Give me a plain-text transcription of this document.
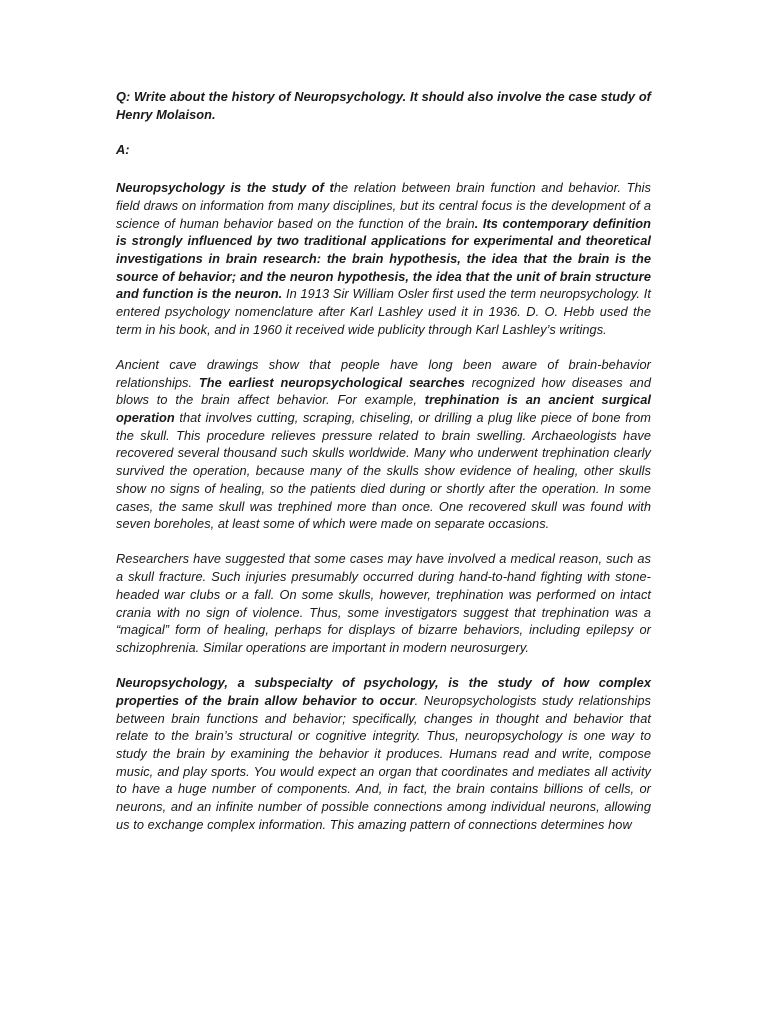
Q: Write about the history of Neuropsychology. It should also involve the case study of Henry Molaison.

A:

Neuropsychology is the study of the relation between brain function and behavior. This field draws on information from many disciplines, but its central focus is the development of a science of human behavior based on the function of the brain. Its contemporary definition is strongly influenced by two traditional applications for experimental and theoretical investigations in brain research: the brain hypothesis, the idea that the brain is the source of behavior; and the neuron hypothesis, the idea that the unit of brain structure and function is the neuron. In 1913 Sir William Osler first used the term neuropsychology. It entered psychology nomenclature after Karl Lashley used it in 1936. D. O. Hebb used the term in his book, and in 1960 it received wide publicity through Karl Lashley’s writings.

Ancient cave drawings show that people have long been aware of brain-behavior relationships. The earliest neuropsychological searches recognized how diseases and blows to the brain affect behavior. For example, trephination is an ancient surgical operation that involves cutting, scraping, chiseling, or drilling a plug like piece of bone from the skull. This procedure relieves pressure related to brain swelling. Archaeologists have recovered several thousand such skulls worldwide. Many who underwent trephination clearly survived the operation, because many of the skulls show evidence of healing, other skulls show no signs of healing, so the patients died during or shortly after the operation. In some cases, the same skull was trephined more than once. One recovered skull was found with seven boreholes, at least some of which were made on separate occasions.

Researchers have suggested that some cases may have involved a medical reason, such as a skull fracture. Such injuries presumably occurred during hand-to-hand fighting with stone-headed war clubs or a fall. On some skulls, however, trephination was performed on intact crania with no sign of violence. Thus, some investigators suggest that trephination was a “magical” form of healing, perhaps for displays of bizarre behaviors, including epilepsy or schizophrenia. Similar operations are important in modern neurosurgery.

Neuropsychology, a subspecialty of psychology, is the study of how complex properties of the brain allow behavior to occur. Neuropsychologists study relationships between brain functions and behavior; specifically, changes in thought and behavior that relate to the brain’s structural or cognitive integrity. Thus, neuropsychology is one way to study the brain by examining the behavior it produces. Humans read and write, compose music, and play sports. You would expect an organ that coordinates and mediates all activity to have a huge number of components. And, in fact, the brain contains billions of cells, or neurons, and an infinite number of possible connections among individual neurons, allowing us to exchange complex information. This amazing pattern of connections determines how
